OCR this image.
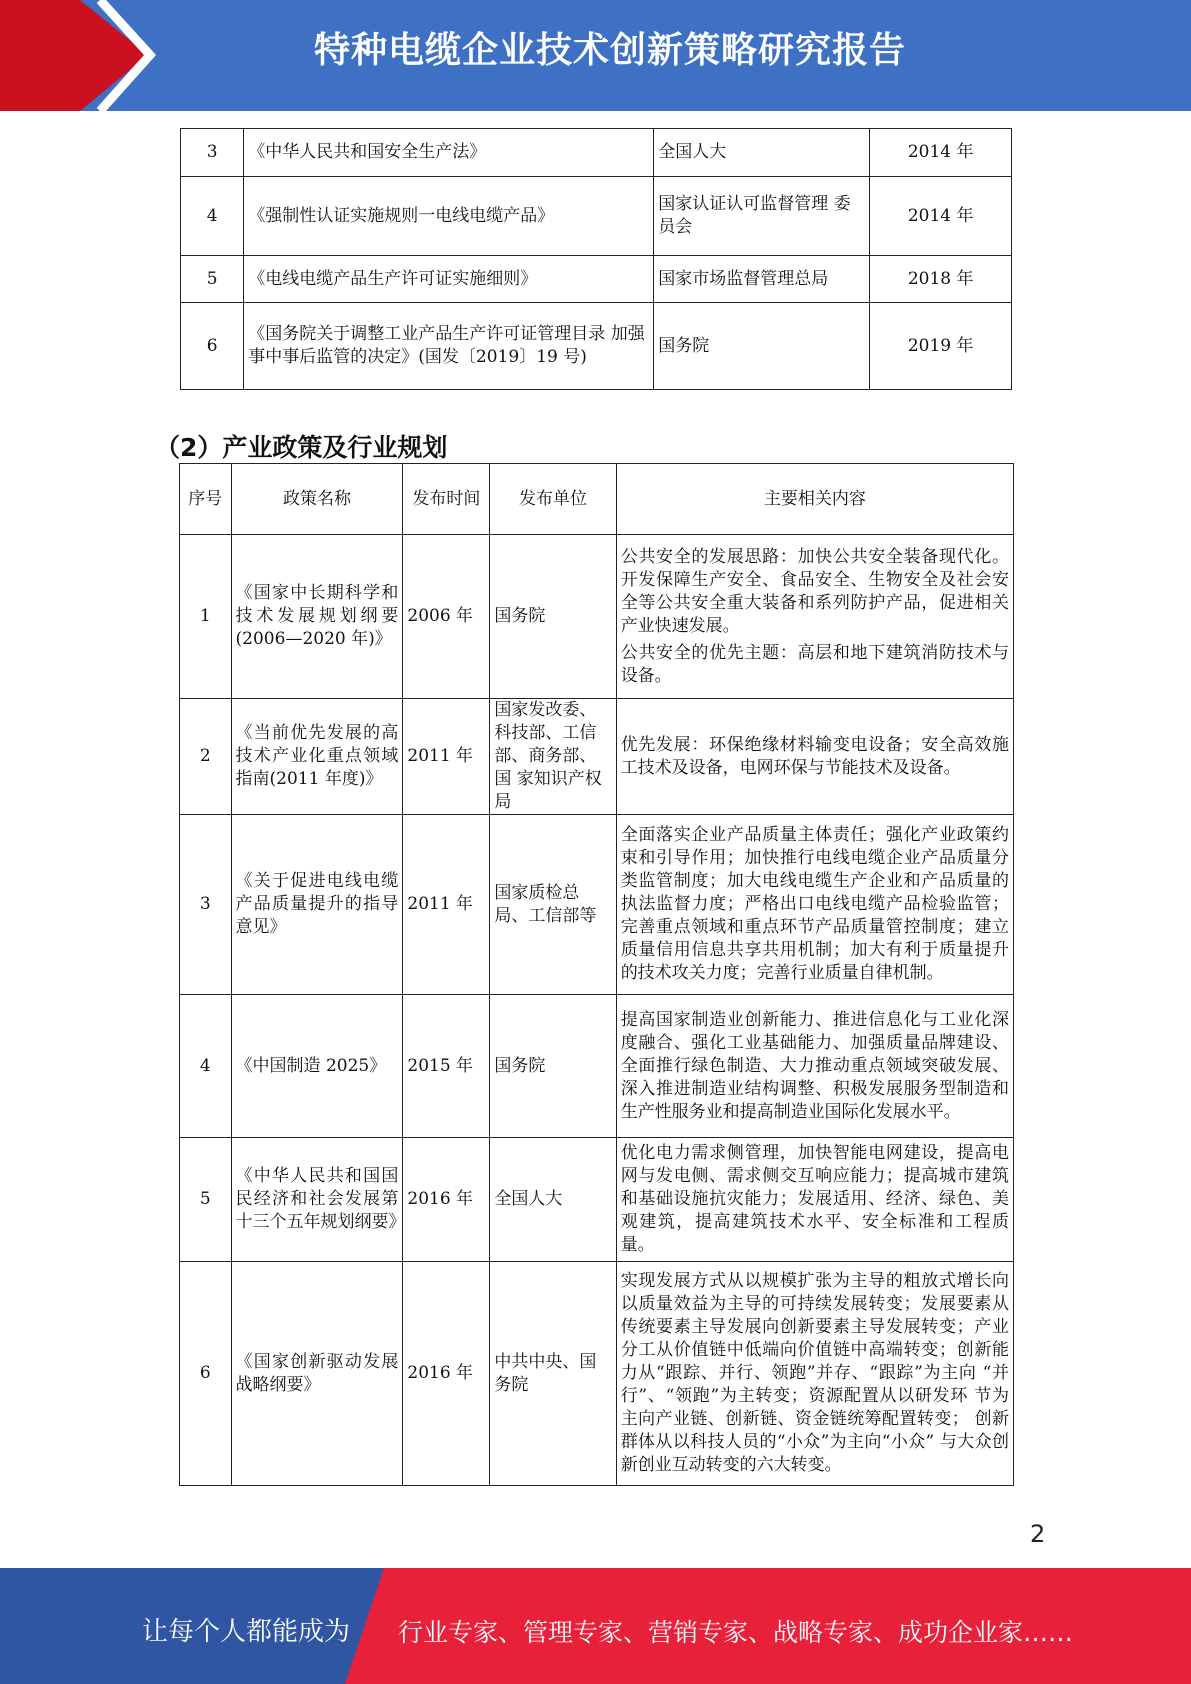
特种电缆企业技术创新策略研究报告
3	《中华人民共和国安全生产法》	全国人大	2014 年
4	《强制性认证实施规则一电线电缆产品》	国家认证认可监督管理 委员会	2014 年
5	《电线电缆产品生产许可证实施细则》	国家市场监督管理总局	2018 年
6	《国务院关于调整工业产品生产许可证管理目录 加强事中事后监管的决定》(国发〔2019〕19 号)	国务院	2019 年
（2）产业政策及行业规划
序号	政策名称	发布时间	发布单位	主要相关内容
1	《国家中长期科学和技术发展规划纲要(2006—2020 年)》	2006 年	国务院	公共安全的发展思路：加快公共安全装备现代化。开发保障生产安全、食品安全、生物安全及社会安全等公共安全重大装备和系列防护产品，促进相关产业快速发展。

公共安全的优先主题：高层和地下建筑消防技术与设备。

2	《当前优先发展的高技术产业化重点领域指南(2011 年度)》	2011 年	国家发改委、科技部、工信部、商务部、国 家知识产权局	优先发展：环保绝缘材料输变电设备；安全高效施工技术及设备，电网环保与节能技术及设备。

3	《关于促进电线电缆产品质量提升的指导意见》	2011 年	国家质检总局、工信部等	全面落实企业产品质量主体责任；强化产业政策约束和引导作用；加快推行电线电缆企业产品质量分类监管制度；加大电线电缆生产企业和产品质量的执法监督力度；严格出口电线电缆产品检验监管；完善重点领域和重点环节产品质量管控制度；建立质量信用信息共享共用机制；加大有利于质量提升的技术攻关力度；完善行业质量自律机制。

4	《中国制造 2025》	2015 年	国务院	提高国家制造业创新能力、推进信息化与工业化深度融合、强化工业基础能力、加强质量品牌建设、全面推行绿色制造、大力推动重点领域突破发展、深入推进制造业结构调整、积极发展服务型制造和生产性服务业和提高制造业国际化发展水平。

5	《中华人民共和国国民经济和社会发展第十三个五年规划纲要》	2016 年	全国人大	优化电力需求侧管理，加快智能电网建设，提高电网与发电侧、需求侧交互响应能力；提高城市建筑和基础设施抗灾能力；发展适用、经济、绿色、美观建筑，提高建筑技术水平、安全标准和工程质量。

6	《国家创新驱动发展战略纲要》	2016 年	中共中央、国务院	实现发展方式从以规模扩张为主导的粗放式增长向以质量效益为主导的可持续发展转变；发展要素从传统要素主导发展向创新要素主导发展转变；产业分工从价值链中低端向价值链中高端转变；创新能力从“跟踪、并行、领跑”并存、“跟踪”为主向 “并行”、“领跑”为主转变；资源配置从以研发环 节为主向产业链、创新链、资金链统筹配置转变； 创新群体从以科技人员的“小众”为主向“小众” 与大众创新创业互动转变的六大转变。

2
让每个人都能成为 行业专家、管理专家、营销专家、战略专家、成功企业家……
